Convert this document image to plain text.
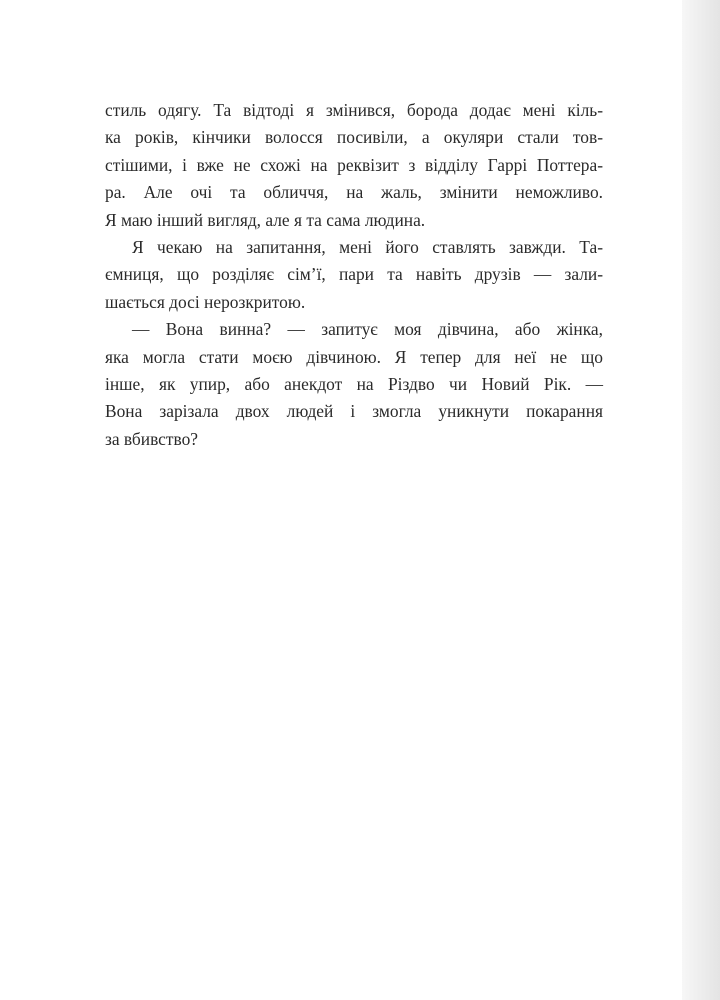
стиль одягу. Та відтоді я змінився, борода додає мені кіль-
ка років, кінчики волосся посивіли, а окуляри стали тов-
стішими, і вже не схожі на реквізит з відділу Гаррі Поттера-
ра. Але очі та обличчя, на жаль, змінити неможливо.
Я маю інший вигляд, але я та сама людина.
Я чекаю на запитання, мені його ставлять завжди. Та-
ємниця, що розділяє сім’ї, пари та навіть друзів — зали-
шається досі нерозкритою.
— Вона винна? — запитує моя дівчина, або жінка,
яка могла стати моєю дівчиною. Я тепер для неї не що
інше, як упир, або анекдот на Різдво чи Новий Рік. —
Вона зарізала двох людей і змогла уникнути покарання
за вбивство?
